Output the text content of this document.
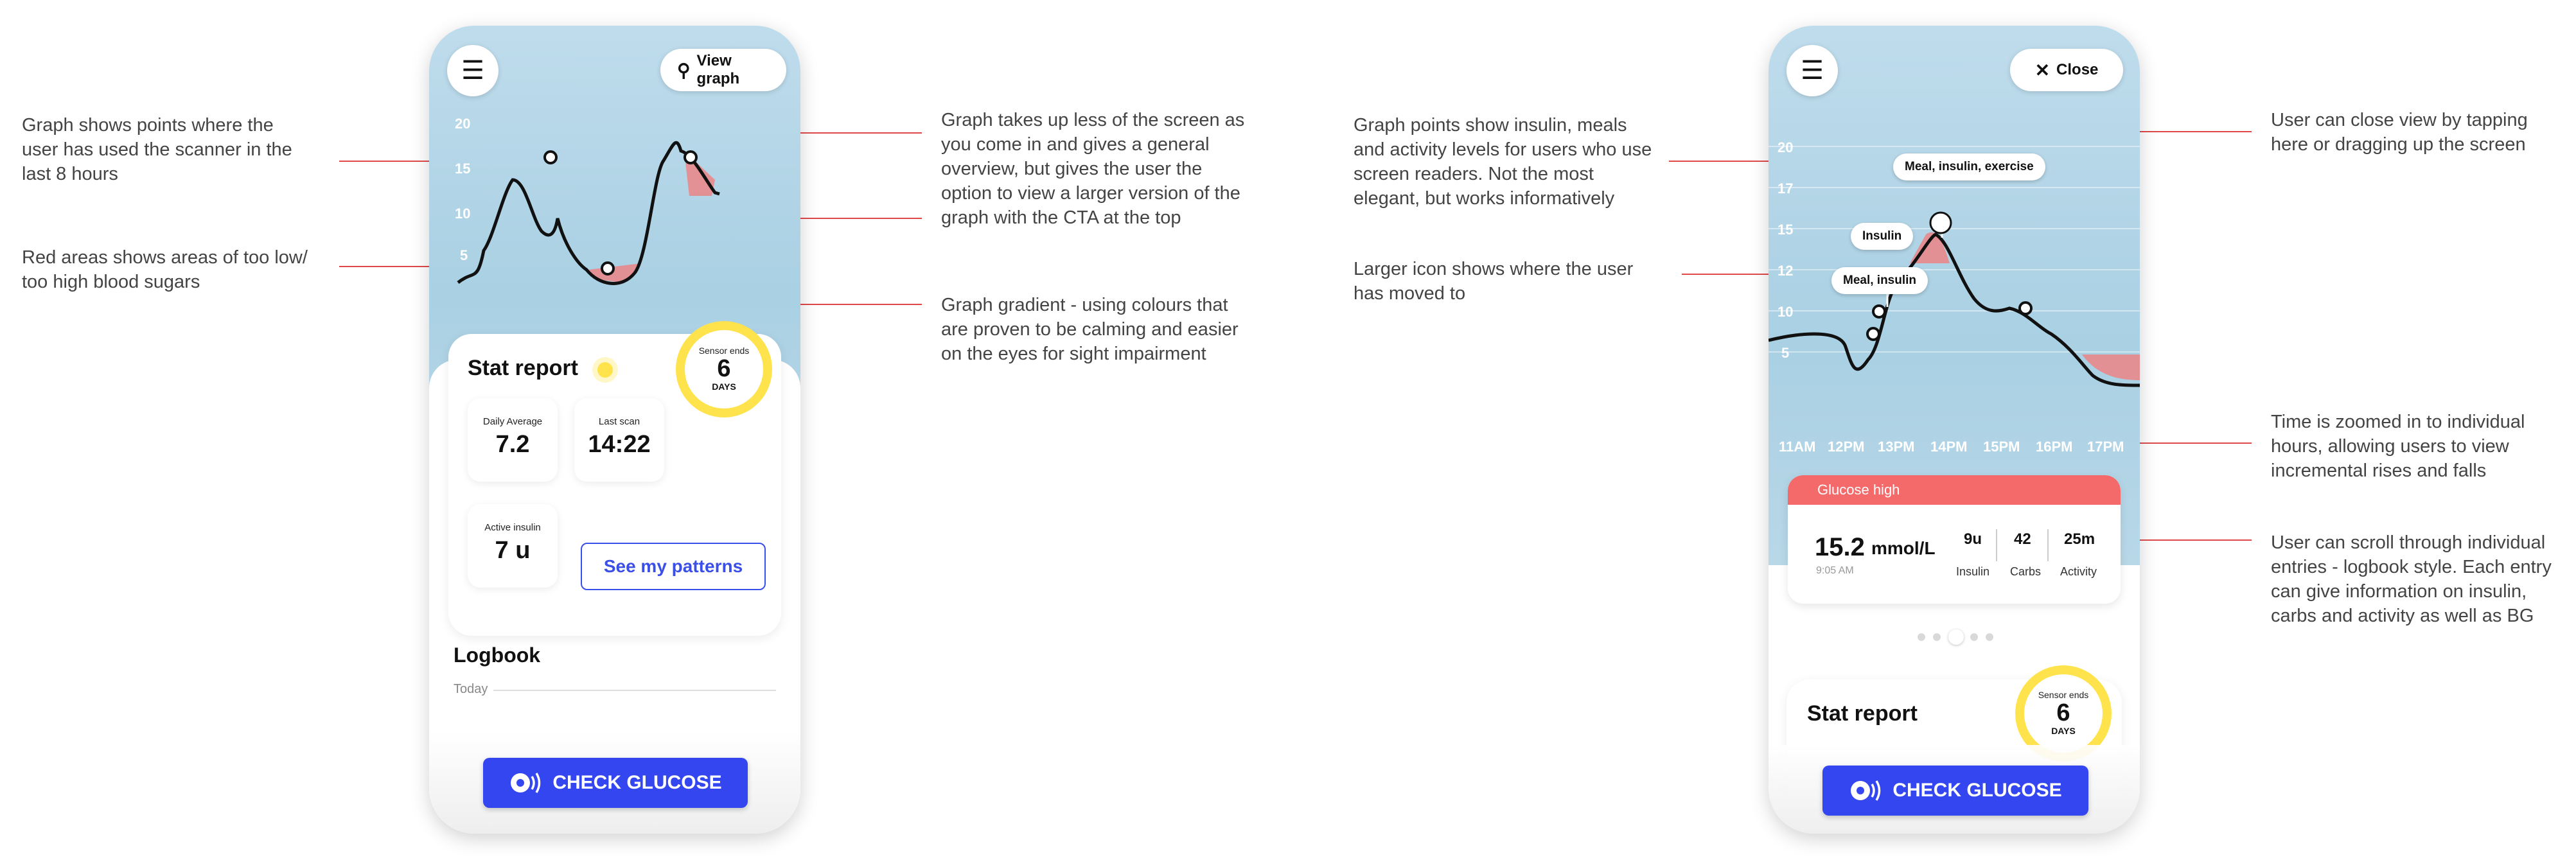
Graph shows points where the user has used the scanner in the last 8 hours
Red areas shows areas of too low/ too high blood sugars
Graph takes up less of the screen as you come in and gives a general overview, but gives the user the option to view a larger version of the graph with the CTA at the top
Graph gradient - using colours that are proven to be calming and easier on the eyes for sight impairment
Graph points show insulin, meals and activity levels for users who use screen readers. Not the most elegant, but works informatively
Larger icon shows where the user has moved to
User can close view by tapping here or dragging up the screen
Time is zoomed in to individual hours, allowing users to view incremental rises and falls
User can scroll through individual entries - logbook style. Each entry can give information on insulin, carbs and activity as well as BG
20
15
10
5
☰	⚲ View graph
Stat report
Sensor ends
6
DAYS
Daily Average
7.2
Last scan
14:22
Active insulin
7 u
See my patterns
Logbook
Today
CHECK GLUCOSE
20
17
15
12
10
5
Meal, insulin, exercise
Insulin
Meal, insulin
11AM 12PM 13PM 14PM 15PM 16PM 17PM
☰	✕ Close
Glucose high
15.2 mmol/L
9:05 AM
9u
Insulin
42
Carbs
25m
Activity
Stat report
Sensor ends
6
DAYS
CHECK GLUCOSE
